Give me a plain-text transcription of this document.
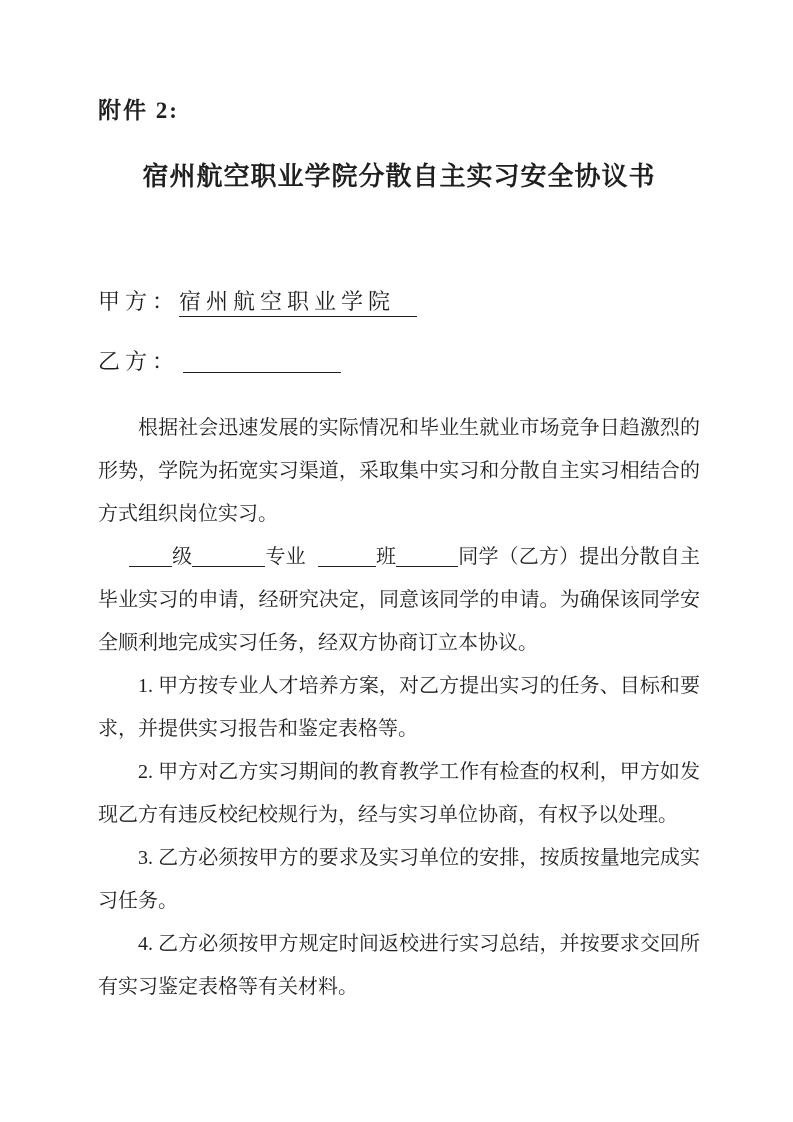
附件 2:
宿州航空职业学院分散自主实习安全协议书
甲方：宿州航空职业学院
乙方：

根据社会迅速发展的实际情况和毕业生就业市场竞争日趋激烈的形势，学院为拓宽实习渠道，采取集中实习和分散自主实习相结合的方式组织岗位实习。

级	专业	班	同学（乙方）提出分散自主毕业实习的申请，经研究决定，同意该同学的申请。为确保该同学安全顺利地完成实习任务，经双方协商订立本协议。

1. 甲方按专业人才培养方案，对乙方提出实习的任务、目标和要求，并提供实习报告和鉴定表格等。

2. 甲方对乙方实习期间的教育教学工作有检查的权利，甲方如发现乙方有违反校纪校规行为，经与实习单位协商，有权予以处理。

3. 乙方必须按甲方的要求及实习单位的安排，按质按量地完成实习任务。

4. 乙方必须按甲方规定时间返校进行实习总结，并按要求交回所有实习鉴定表格等有关材料。
